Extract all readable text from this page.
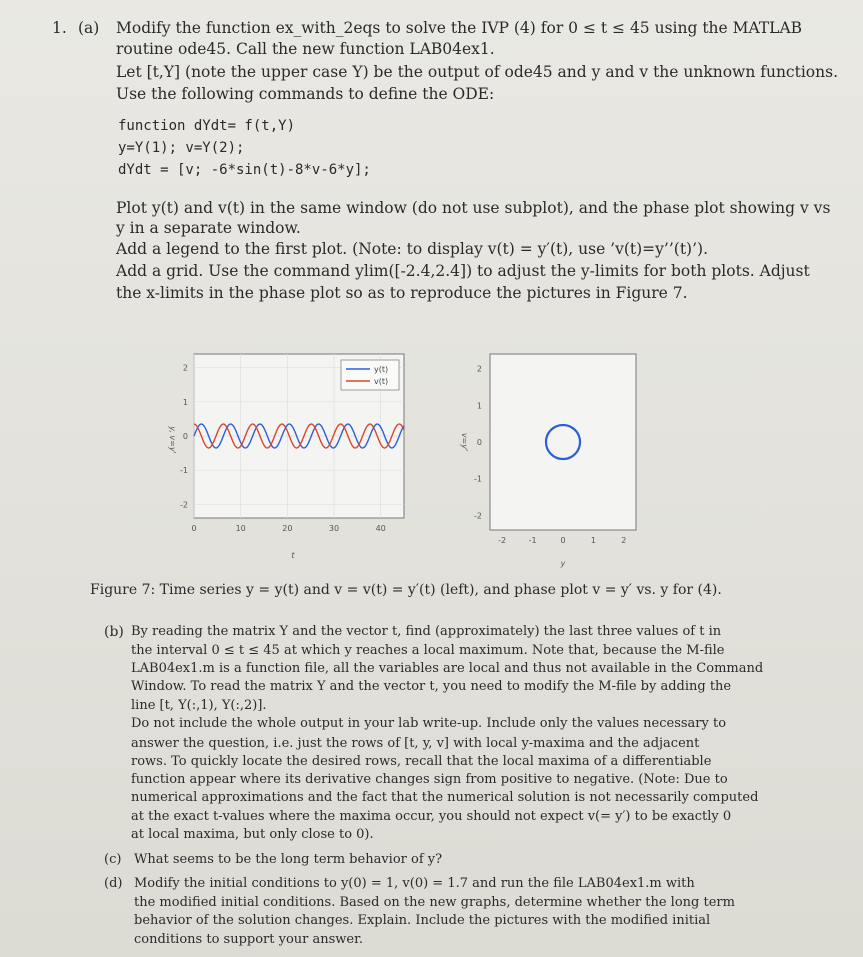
1. (a) Modify the function ex_with_2eqs to solve the IVP (4) for 0 ≤ t ≤ 45 using the MATLAB
routine ode45. Call the new function LAB04ex1.
Let [t,Y] (note the upper case Y) be the output of ode45 and y and v the unknown functions.
Use the following commands to define the ODE:
function dYdt= f(t,Y)
y=Y(1); v=Y(2);
dYdt = [v; -6*sin(t)-8*v-6*y];
Plot y(t) and v(t) in the same window (do not use subplot), and the phase plot showing v vs
y in a separate window.
Add a legend to the first plot. (Note: to display v(t) = y′(t), use ’v(t)=y’’(t)’).
Add a grid. Use the command ylim([-2.4,2.4]) to adjust the y-limits for both plots. Adjust
the x-limits in the phase plot so as to reproduce the pictures in Figure 7.
0	10	20	30	40
-2
-1
0
1
2	y(t)
v(t)
t
y, v=y'
-2	-1	0	1	2
-2
-1
0
1
2
y
v=y'
Figure 7: Time series y = y(t) and v = v(t) = y′(t) (left), and phase plot v = y′ vs. y for (4).
(b) By reading the matrix Y and the vector t, find (approximately) the last three values of t in
the interval 0 ≤ t ≤ 45 at which y reaches a local maximum. Note that, because the M-file
LAB04ex1.m is a function file, all the variables are local and thus not available in the Command
Window. To read the matrix Y and the vector t, you need to modify the M-file by adding the
line [t, Y(:,1), Y(:,2)].
Do not include the whole output in your lab write-up. Include only the values necessary to
answer the question, i.e. just the rows of [t, y, v] with local y-maxima and the adjacent
rows. To quickly locate the desired rows, recall that the local maxima of a differentiable
function appear where its derivative changes sign from positive to negative. (Note: Due to
numerical approximations and the fact that the numerical solution is not necessarily computed
at the exact t-values where the maxima occur, you should not expect v(= y′) to be exactly 0
at local maxima, but only close to 0).
(c) What seems to be the long term behavior of y?
(d) Modify the initial conditions to y(0) = 1, v(0) = 1.7 and run the file LAB04ex1.m with
the modified initial conditions. Based on the new graphs, determine whether the long term
behavior of the solution changes. Explain. Include the pictures with the modified initial
conditions to support your answer.
